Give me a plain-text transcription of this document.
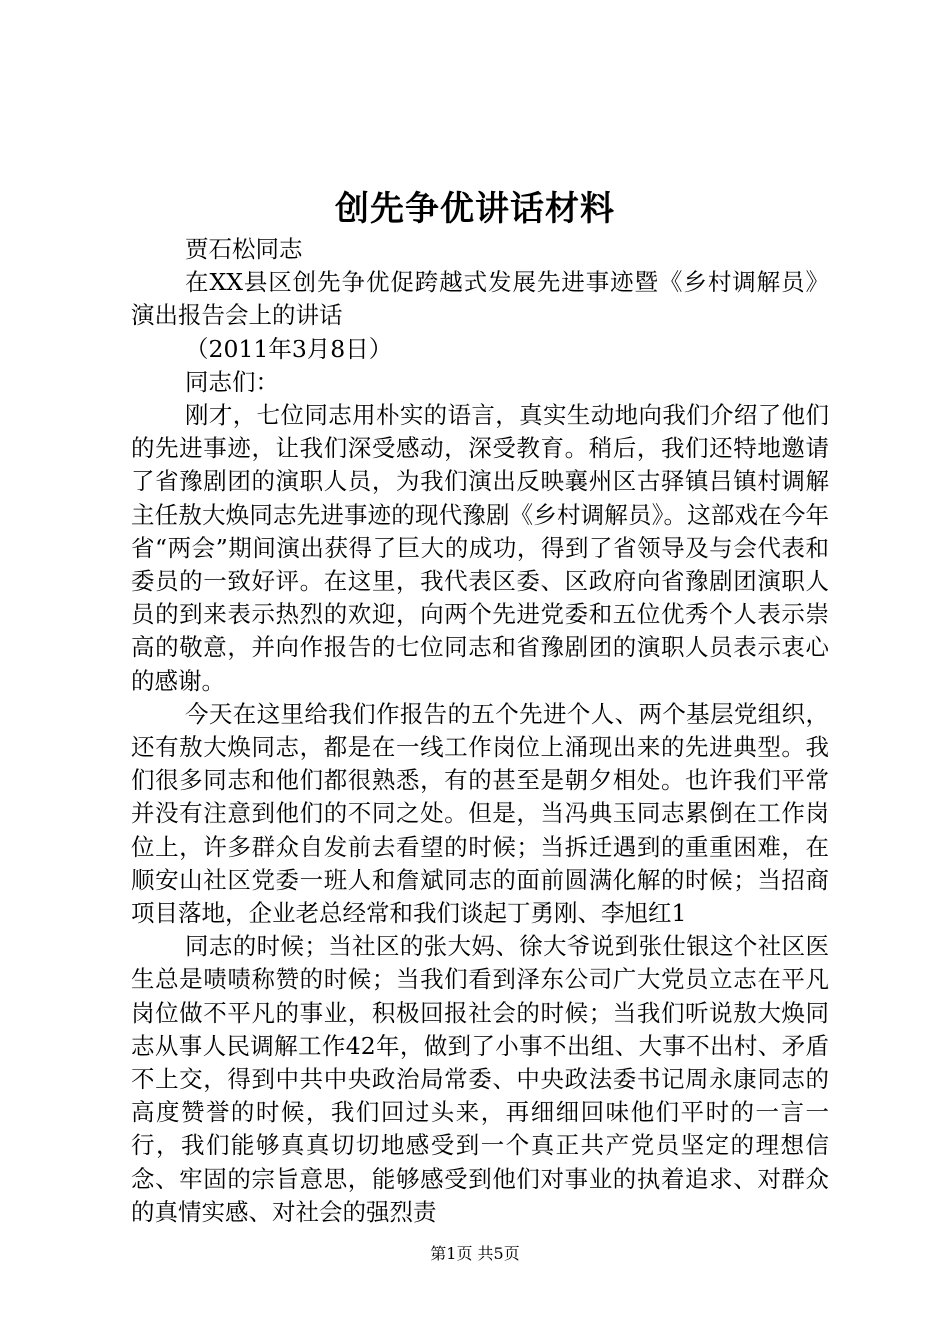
创先争优讲话材料

贾石松同志

在XX县区创先争优促跨越式发展先进事迹暨《乡村调解员》演出报告会上的讲话

（2011年3月8日）

同志们：

刚才，七位同志用朴实的语言，真实生动地向我们介绍了他们的先进事迹，让我们深受感动，深受教育。稍后，我们还特地邀请了省豫剧团的演职人员，为我们演出反映襄州区古驿镇吕镇村调解主任敖大焕同志先进事迹的现代豫剧《乡村调解员》。这部戏在今年省“两会”期间演出获得了巨大的成功，得到了省领导及与会代表和委员的一致好评。在这里，我代表区委、区政府向省豫剧团演职人员的到来表示热烈的欢迎，向两个先进党委和五位优秀个人表示崇高的敬意，并向作报告的七位同志和省豫剧团的演职人员表示衷心的感谢。

今天在这里给我们作报告的五个先进个人、两个基层党组织，还有敖大焕同志，都是在一线工作岗位上涌现出来的先进典型。我们很多同志和他们都很熟悉，有的甚至是朝夕相处。也许我们平常并没有注意到他们的不同之处。但是，当冯典玉同志累倒在工作岗位上，许多群众自发前去看望的时候；当拆迁遇到的重重困难，在顺安山社区党委一班人和詹斌同志的面前圆满化解的时候；当招商项目落地，企业老总经常和我们谈起丁勇刚、李旭红1

同志的时候；当社区的张大妈、徐大爷说到张仕银这个社区医生总是啧啧称赞的时候；当我们看到泽东公司广大党员立志在平凡岗位做不平凡的事业，积极回报社会的时候；当我们听说敖大焕同志从事人民调解工作42年，做到了小事不出组、大事不出村、矛盾不上交，得到中共中央政治局常委、中央政法委书记周永康同志的高度赞誉的时候，我们回过头来，再细细回味他们平时的一言一行，我们能够真真切切地感受到一个真正共产党员坚定的理想信念、牢固的宗旨意思，能够感受到他们对事业的执着追求、对群众的真情实感、对社会的强烈责

第1页 共5页
